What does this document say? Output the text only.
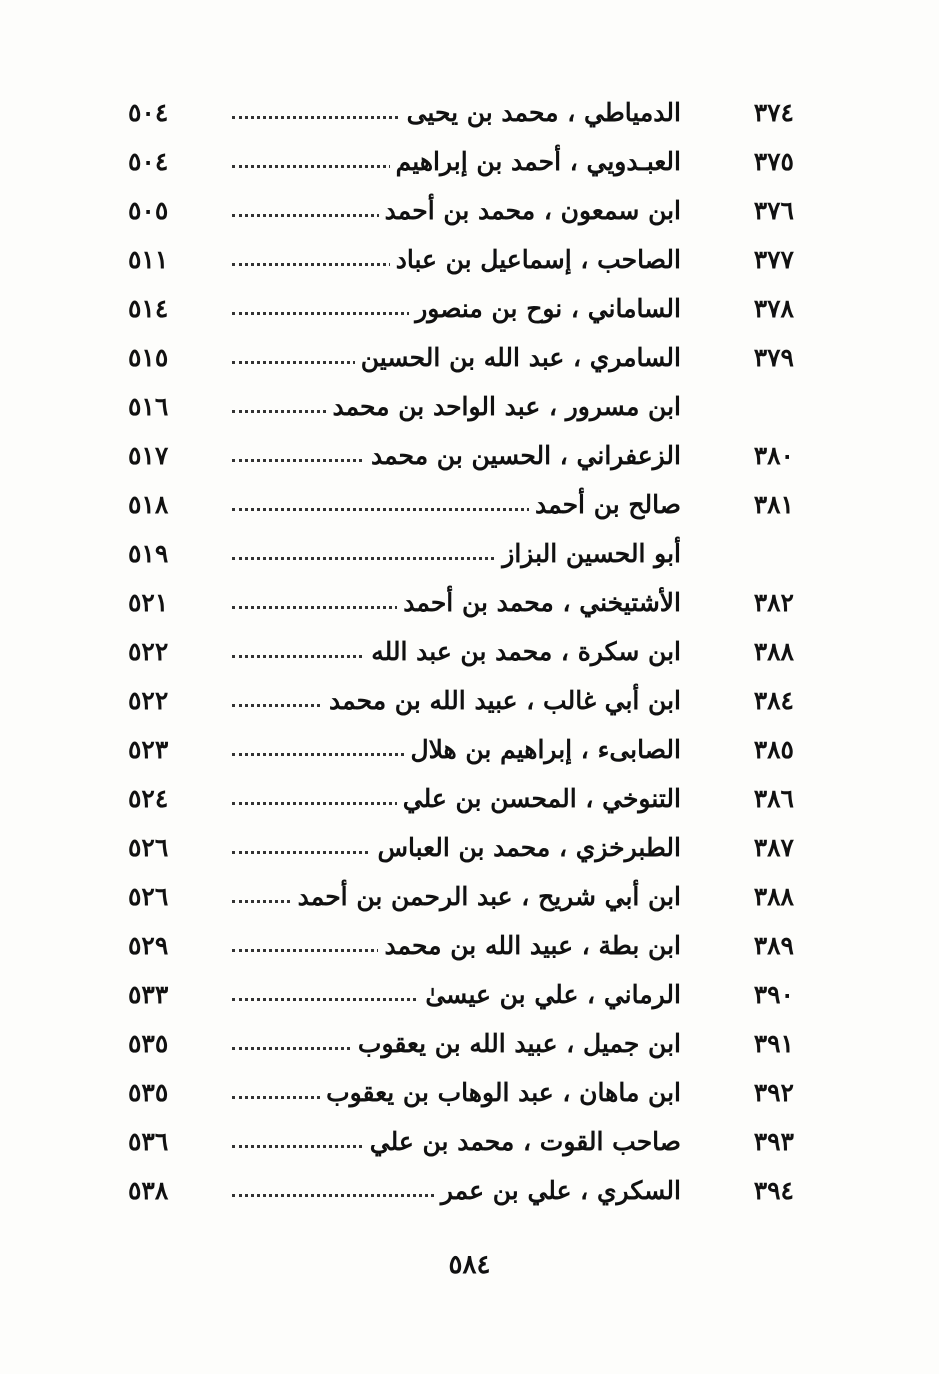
٣٧٤
الدمياطي ، محمد بن يحيى
٥٠٤
٣٧٥
العبـدويي ، أحمد بن إبراهيم
٥٠٤
٣٧٦
ابن سمعون ، محمد بن أحمد
٥٠٥
٣٧٧
الصاحب ، إسماعيل بن عباد
٥١١
٣٧٨
الساماني ، نوح بن منصور
٥١٤
٣٧٩
السامري ، عبد الله بن الحسين
٥١٥
ابن مسرور ، عبد الواحد بن محمد
٥١٦
٣٨٠
الزعفراني ، الحسين بن محمد
٥١٧
٣٨١
صالح بن أحمد
٥١٨
أبو الحسين البزاز
٥١٩
٣٨٢
الأشتيخني ، محمد بن أحمد
٥٢١
٣٨٨
ابن سكرة ، محمد بن عبد الله
٥٢٢
٣٨٤
ابن أبي غالب ، عبيد الله بن محمد
٥٢٢
٣٨٥
الصابىء ، إبراهيم بن هلال
٥٢٣
٣٨٦
التنوخي ، المحسن بن علي
٥٢٤
٣٨٧
الطبرخزي ، محمد بن العباس
٥٢٦
٣٨٨
ابن أبي شريح ، عبد الرحمن بن أحمد
٥٢٦
٣٨٩
ابن بطة ، عبيد الله بن محمد
٥٢٩
٣٩٠
الرماني ، علي بن عيسىٰ
٥٣٣
٣٩١
ابن جميل ، عبيد الله بن يعقوب
٥٣٥
٣٩٢
ابن ماهان ، عبد الوهاب بن يعقوب
٥٣٥
٣٩٣
صاحب القوت ، محمد بن علي
٥٣٦
٣٩٤
السكري ، علي بن عمر
٥٣٨
٥٨٤
